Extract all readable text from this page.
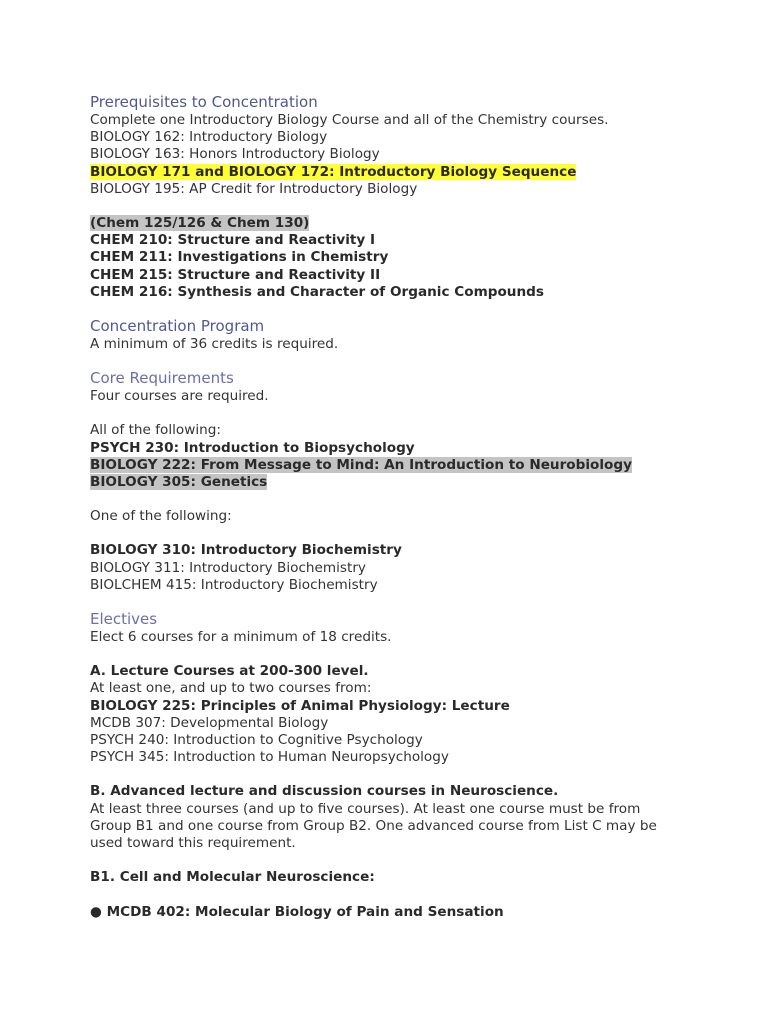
Prerequisites to Concentration
Complete one Introductory Biology Course and all of the Chemistry courses.
BIOLOGY 162: Introductory Biology
BIOLOGY 163: Honors Introductory Biology
BIOLOGY 171 and BIOLOGY 172: Introductory Biology Sequence
BIOLOGY 195: AP Credit for Introductory Biology
(Chem 125/126 & Chem 130)
CHEM 210: Structure and Reactivity I
CHEM 211: Investigations in Chemistry
CHEM 215: Structure and Reactivity II
CHEM 216: Synthesis and Character of Organic Compounds
Concentration Program
A minimum of 36 credits is required.
Core Requirements
Four courses are required.
All of the following:
PSYCH 230: Introduction to Biopsychology
BIOLOGY 222: From Message to Mind: An Introduction to Neurobiology
BIOLOGY 305: Genetics
One of the following:
BIOLOGY 310: Introductory Biochemistry
BIOLOGY 311: Introductory Biochemistry
BIOLCHEM 415: Introductory Biochemistry
Electives
Elect 6 courses for a minimum of 18 credits.
A. Lecture Courses at 200-300 level.
At least one, and up to two courses from:
BIOLOGY 225: Principles of Animal Physiology: Lecture
MCDB 307: Developmental Biology
PSYCH 240: Introduction to Cognitive Psychology
PSYCH 345: Introduction to Human Neuropsychology
B. Advanced lecture and discussion courses in Neuroscience.
At least three courses (and up to five courses). At least one course must be from Group B1 and one course from Group B2. One advanced course from List C may be used toward this requirement.
B1. Cell and Molecular Neuroscience:
● MCDB 402: Molecular Biology of Pain and Sensation
